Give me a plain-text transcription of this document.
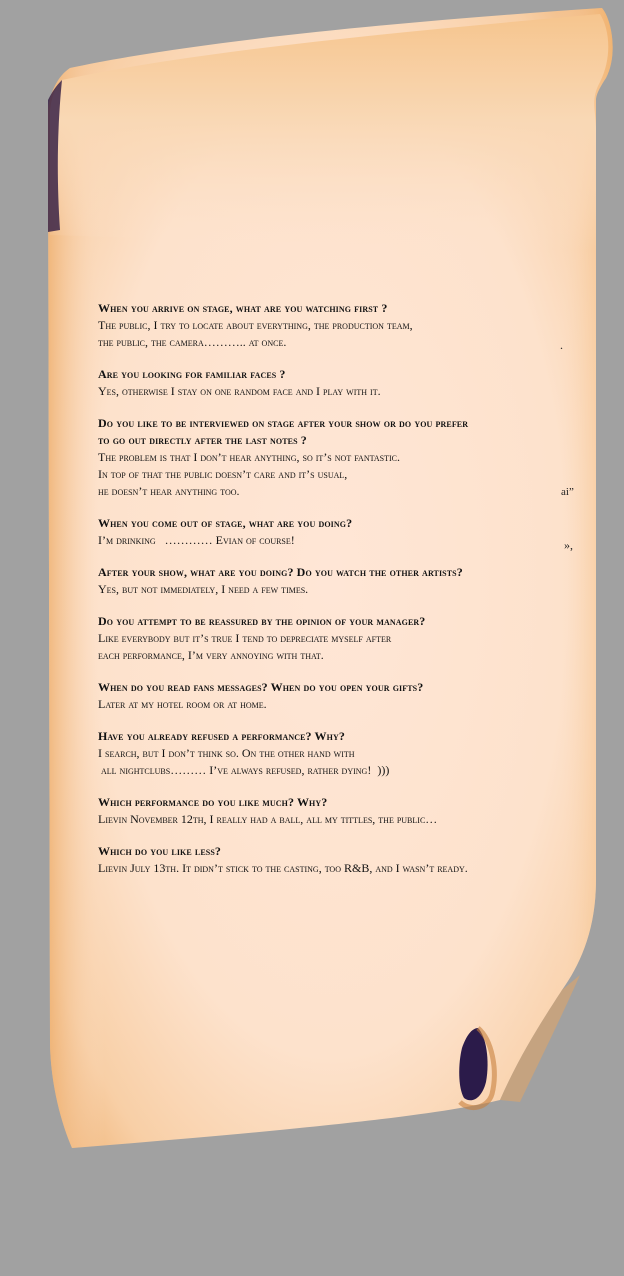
When you arrive on stage, what are you watching first ?
The public, I try to locate about everything, the production team,
the public, the camera……….. at once.
Are you looking for familiar faces ?
Yes, otherwise I stay on one random face and I play with it.
Do you like to be interviewed on stage after your show or do you prefer
to go out directly after the last notes ?
The problem is that I don’t hear anything, so it’s not fantastic.
In top of that the public doesn’t care and it’s usual,
he doesn’t hear anything too.
When you come out of stage, what are you doing?
I’m drinking   ………… Evian of course!
After your show, what are you doing? Do you watch the other artists?
Yes, but not immediately, I need a few times.
Do you attempt to be reassured by the opinion of your manager?
Like everybody but it’s true I tend to depreciate myself after
each performance, I’m very annoying with that.
When do you read fans messages? When do you open your gifts?
Later at my hotel room or at home.
Have you already refused a performance? Why?
I search, but I don’t think so. On the other hand with
all nightclubs……… I’ve always refused, rather dying!  )))
Which performance do you like much? Why?
Lievin November 12th, I really had a ball, all my tittles, the public…
Which do you like less?
Lievin July 13th. It didn’t stick to the casting, too R&B, and I wasn’t ready.
.
ai”
»,
